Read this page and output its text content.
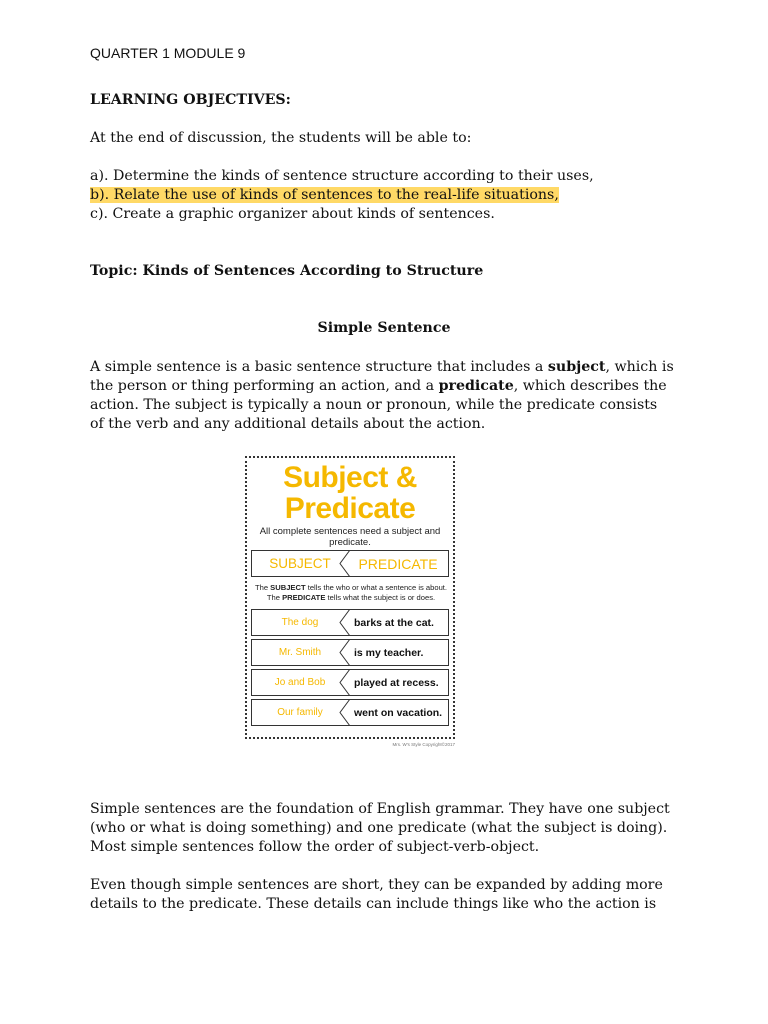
QUARTER 1 MODULE 9
LEARNING OBJECTIVES:
At the end of discussion, the students will be able to:
a). Determine the kinds of sentence structure according to their uses,
b). Relate the use of kinds of sentences to the real-life situations,
c). Create a graphic organizer about kinds of sentences.
Topic: Kinds of Sentences According to Structure
Simple Sentence
A simple sentence is a basic sentence structure that includes a subject, which is the person or thing performing an action, and a predicate, which describes the action. The subject is typically a noun or pronoun, while the predicate consists of the verb and any additional details about the action.
Subject &
Predicate
All complete sentences need a subject and predicate.
SUBJECT	PREDICATE
The SUBJECT tells the who or what a sentence is about.
The PREDICATE tells what the subject is or does.
The dog	barks at the cat.
Mr. Smith	is my teacher.
Jo and Bob	played at recess.
Our family	went on vacation.
Mrs. W's Style Copyright©2017
Simple sentences are the foundation of English grammar. They have one subject (who or what is doing something) and one predicate (what the subject is doing). Most simple sentences follow the order of subject-verb-object.
Even though simple sentences are short, they can be expanded by adding more details to the predicate. These details can include things like who the action is
